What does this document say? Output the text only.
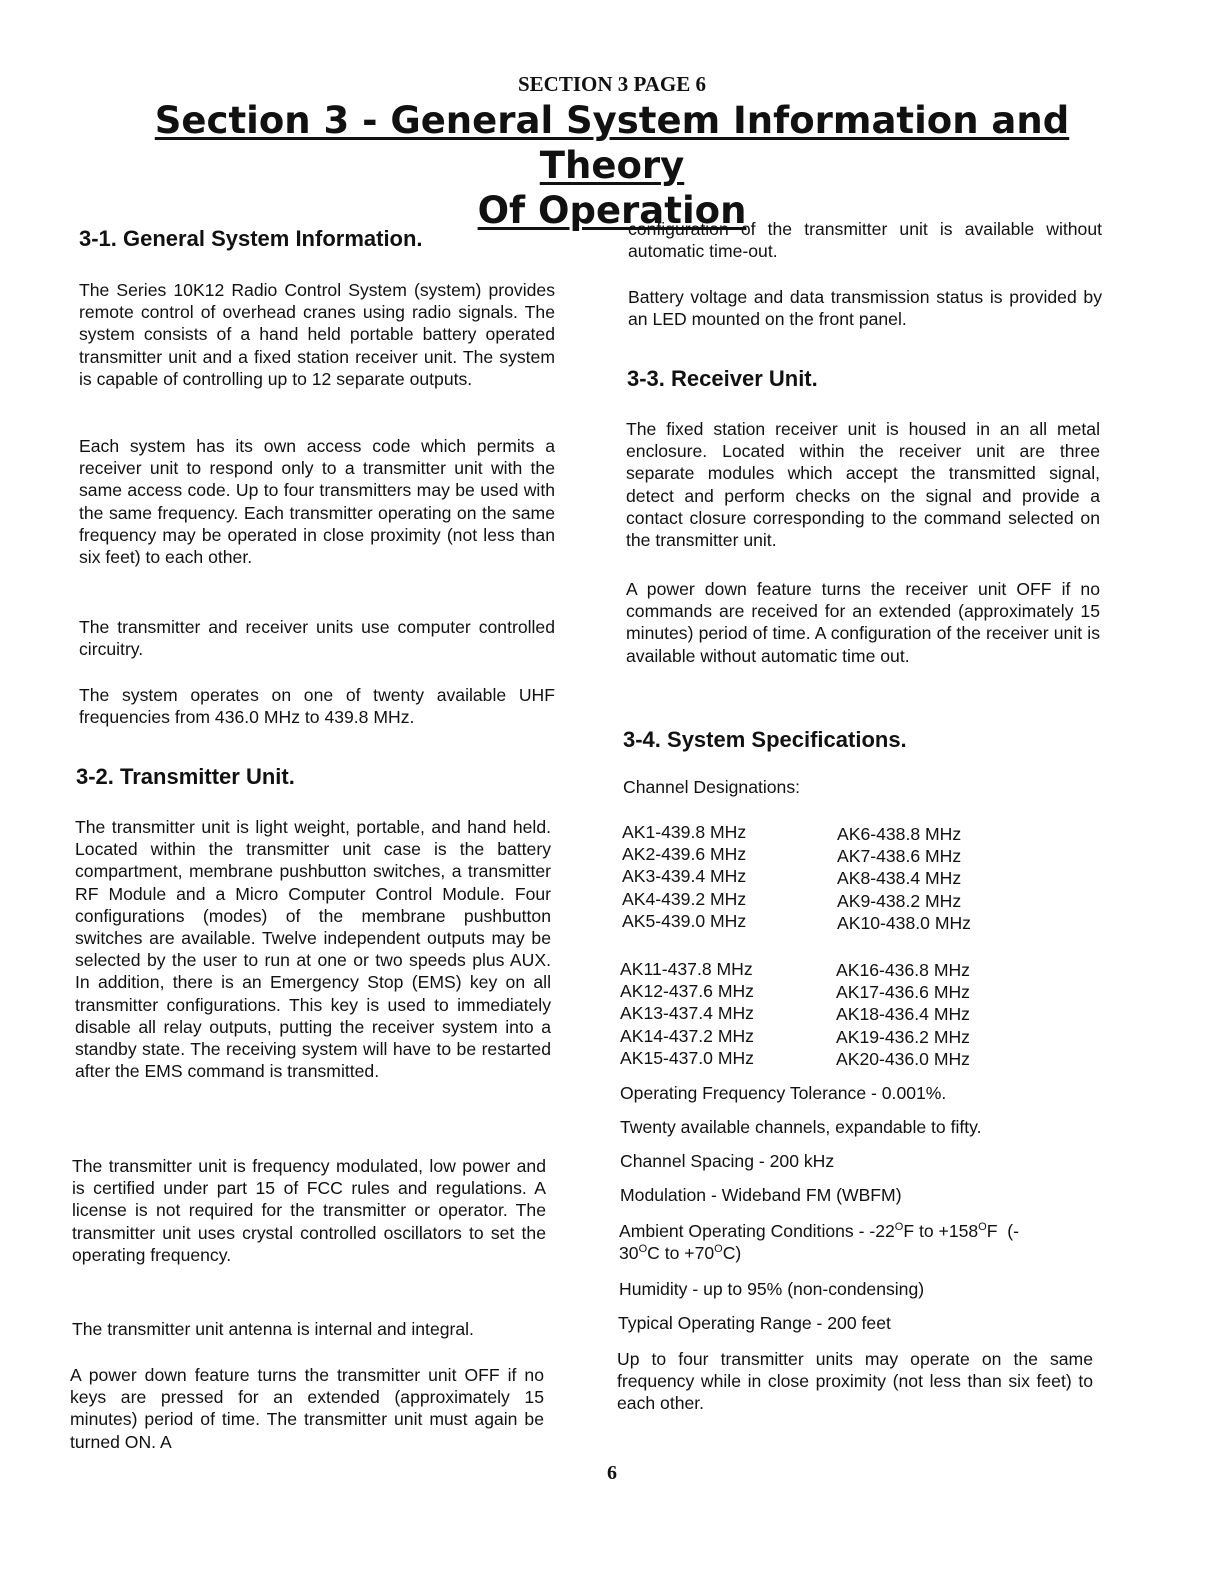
SECTION 3 PAGE 6
Section 3 - General System Information and Theory
Of Operation
3-1. General System Information.

The Series 10K12 Radio Control System (system) provides remote control of overhead cranes using radio signals. The system consists of a hand held portable battery operated transmitter unit and a fixed station receiver unit. The system is capable of controlling up to 12 separate outputs.

Each system has its own access code which permits a receiver unit to respond only to a transmitter unit with the same access code. Up to four transmitters may be used with the same frequency. Each transmitter operating on the same frequency may be operated in close proximity (not less than six feet) to each other.

The transmitter and receiver units use computer controlled circuitry.

The system operates on one of twenty available UHF frequencies from 436.0 MHz to 439.8 MHz.

3-2. Transmitter Unit.

The transmitter unit is light weight, portable, and hand held. Located within the transmitter unit case is the battery compartment, membrane pushbutton switches, a transmitter RF Module and a Micro Computer Control Module. Four configurations (modes) of the membrane pushbutton switches are available. Twelve independent outputs may be selected by the user to run at one or two speeds plus AUX. In addition, there is an Emergency Stop (EMS) key on all transmitter configurations. This key is used to immediately disable all relay outputs, putting the receiver system into a standby state. The receiving system will have to be restarted after the EMS command is transmitted.

The transmitter unit is frequency modulated, low power and is certified under part 15 of FCC rules and regulations. A license is not required for the transmitter or operator. The transmitter unit uses crystal controlled oscillators to set the operating frequency.

The transmitter unit antenna is internal and integral.

A power down feature turns the transmitter unit OFF if no keys are pressed for an extended (approximately 15 minutes) period of time. The transmitter unit must again be turned ON. A

configuration of the transmitter unit is available without automatic time-out.

Battery voltage and data transmission status is provided by an LED mounted on the front panel.

3-3. Receiver Unit.

The fixed station receiver unit is housed in an all metal enclosure. Located within the receiver unit are three separate modules which accept the transmitted signal, detect and perform checks on the signal and provide a contact closure corresponding to the command selected on the transmitter unit.

A power down feature turns the receiver unit OFF if no commands are received for an extended (approximately 15 minutes) period of time. A configuration of the receiver unit is available without automatic time out.

3-4. System Specifications.

Channel Designations:

AK1-439.8 MHz
AK2-439.6 MHz
AK3-439.4 MHz
AK4-439.2 MHz
AK5-439.0 MHz
AK6-438.8 MHz
AK7-438.6 MHz
AK8-438.4 MHz
AK9-438.2 MHz
AK10-438.0 MHz
AK11-437.8 MHz
AK12-437.6 MHz
AK13-437.4 MHz
AK14-437.2 MHz
AK15-437.0 MHz
AK16-436.8 MHz
AK17-436.6 MHz
AK18-436.4 MHz
AK19-436.2 MHz
AK20-436.0 MHz

Operating Frequency Tolerance - 0.001%.

Twenty available channels, expandable to fifty.

Channel Spacing - 200 kHz

Modulation - Wideband FM (WBFM)

Ambient Operating Conditions - $-22^OF$ to $+158^OF$  (-
$30^OC$ to $+70^OC$)

Humidity - up to 95% (non-condensing)

Typical Operating Range - 200 feet

Up to four transmitter units may operate on the same frequency while in close proximity (not less than six feet) to each other.

6
